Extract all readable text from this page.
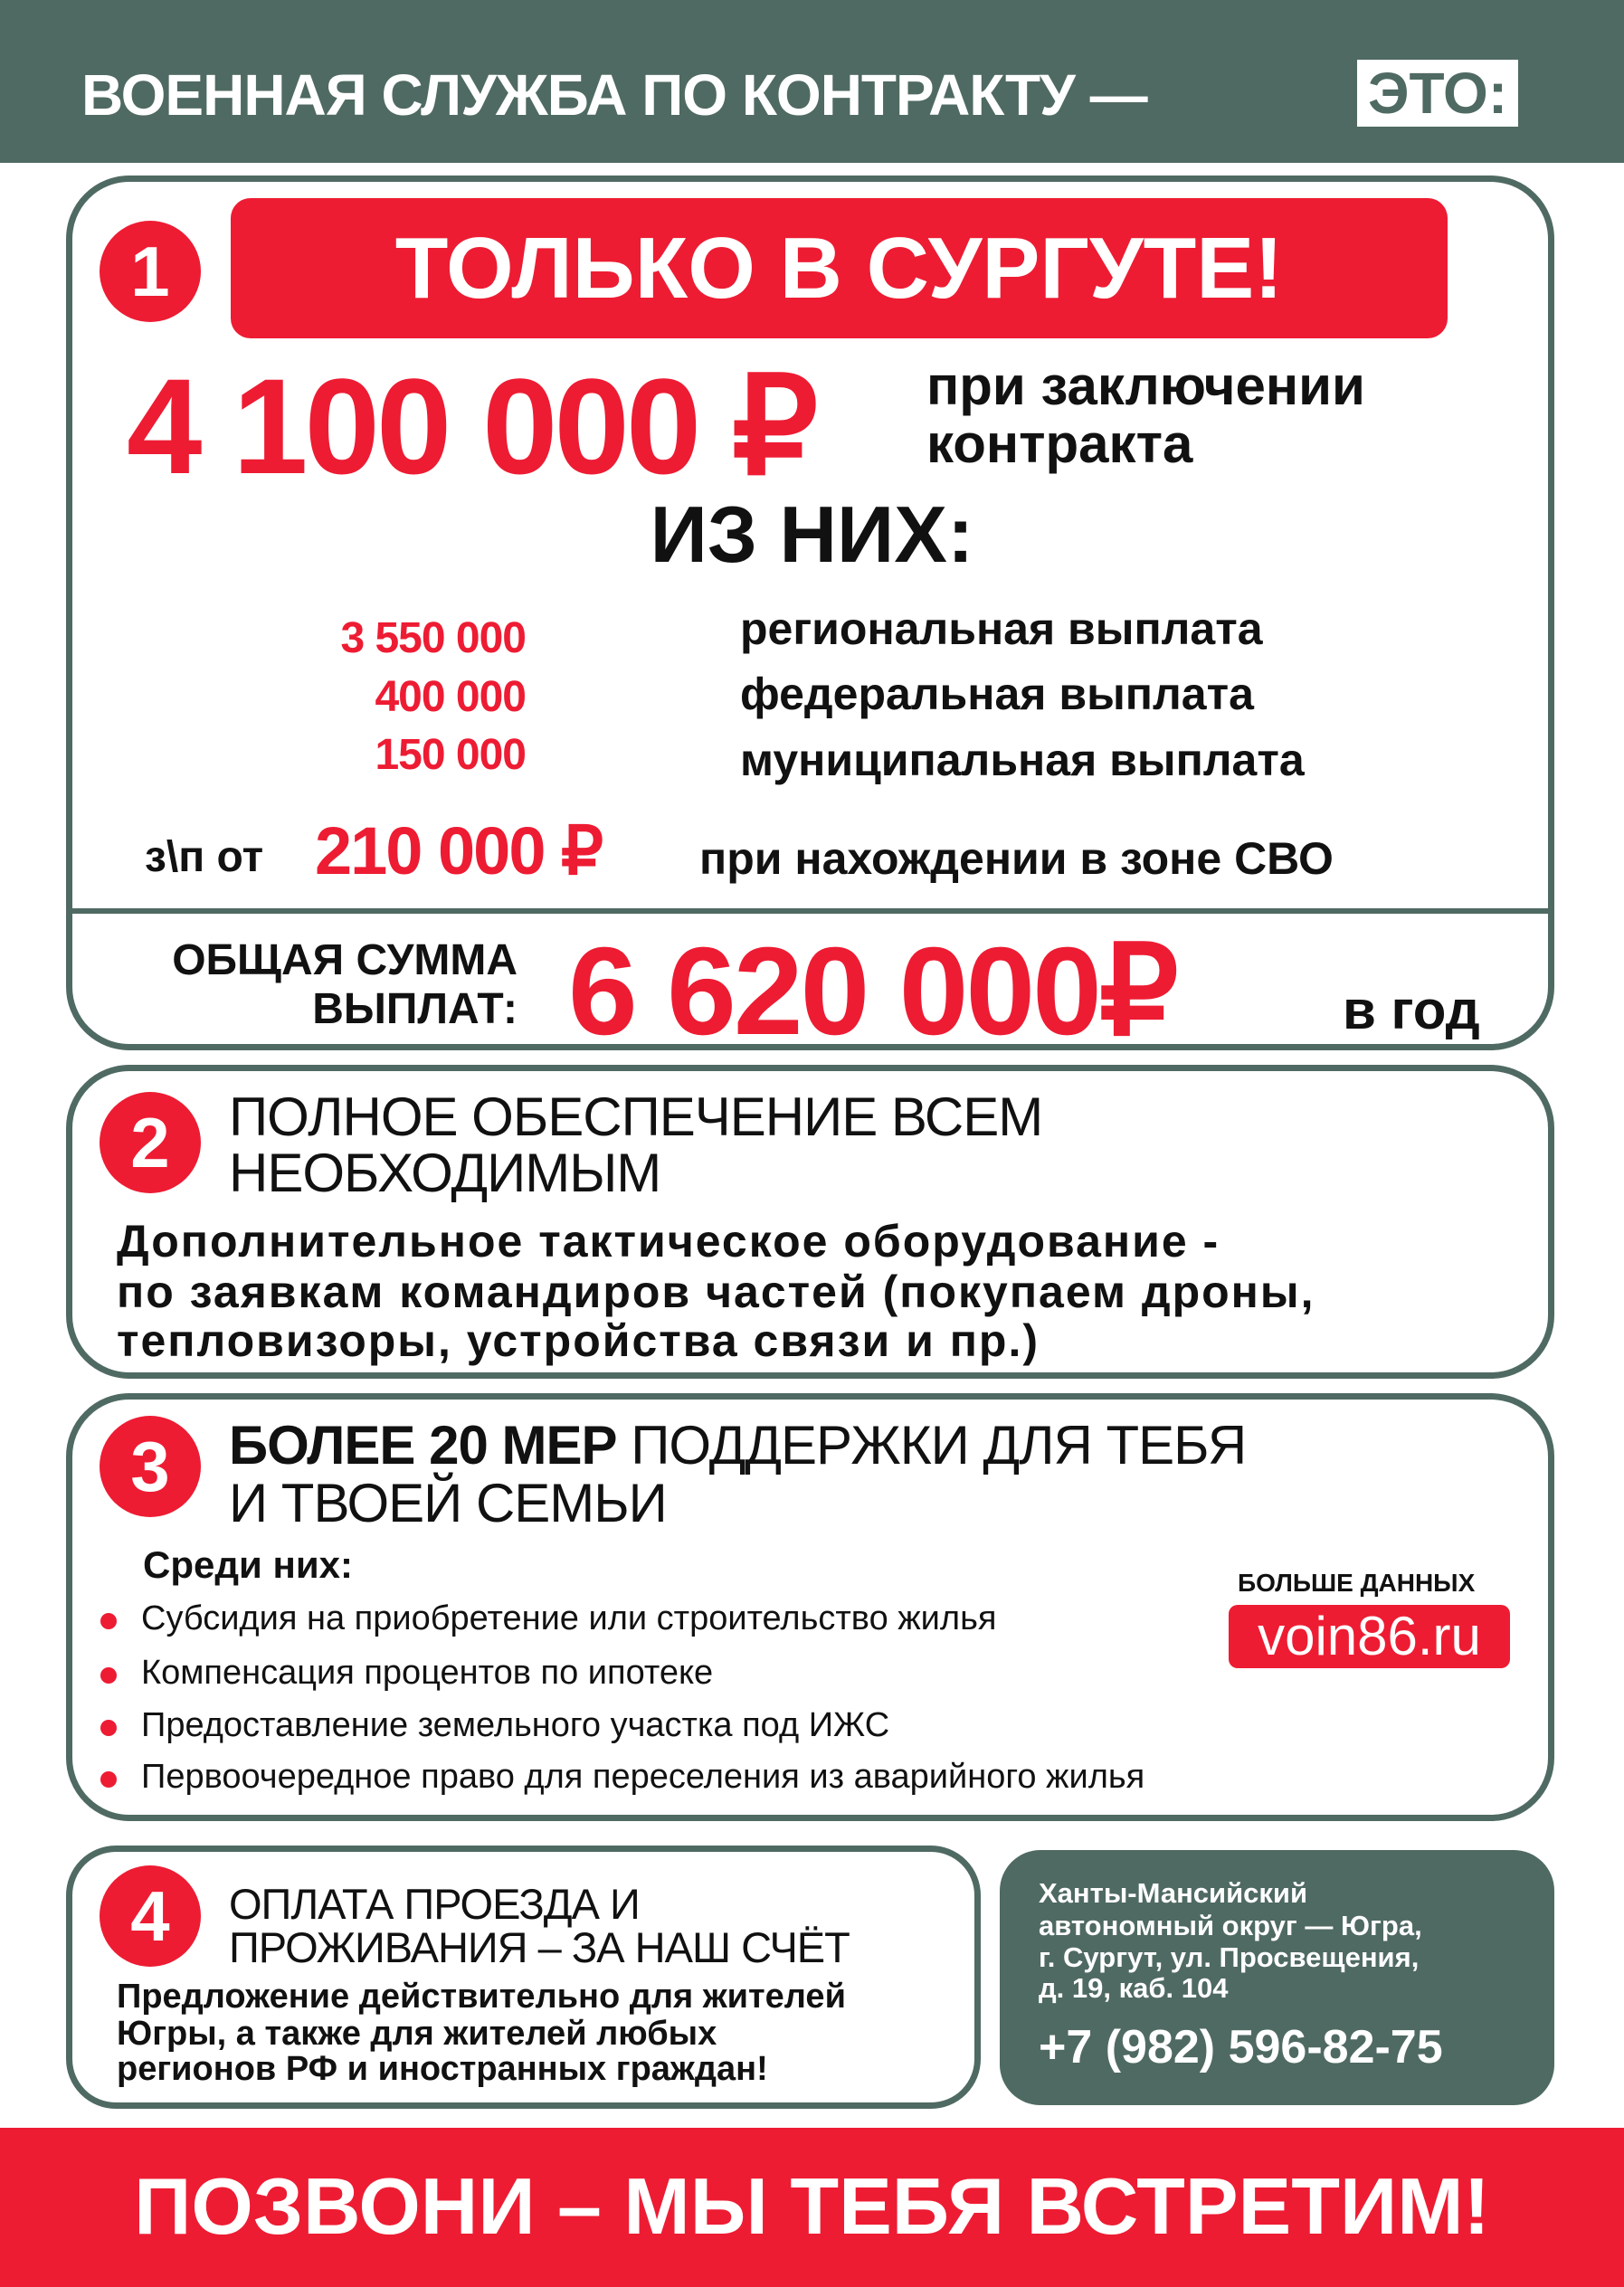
ВОЕННАЯ СЛУЖБА ПО КОНТРАКТУ —	ЭТО:
1	ТОЛЬКО В СУРГУТЕ!
4 100 000 ₽ при заключении
контракта
ИЗ НИХ:
3 550 000	региональная выплата
400 000	федеральная выплата
150 000	муниципальная выплата
з\п от 210 000 ₽ при нахождении в зоне СВО
ОБЩАЯ СУММА
ВЫПЛАТ: 6 620 000₽	в год
2	ПОЛНОЕ ОБЕСПЕЧЕНИЕ ВСЕМ
НЕОБХОДИМЫМ
Дополнительное тактическое оборудование -
по заявкам командиров частей (покупаем дроны,
тепловизоры, устройства связи и пр.)
3	БОЛЕЕ 20 МЕР ПОДДЕРЖКИ ДЛЯ ТЕБЯ
И ТВОЕЙ СЕМЬИ
Среди них:
Субсидия на приобретение или строительство жилья
Компенсация процентов по ипотеке
Предоставление земельного участка под ИЖС
Первоочередное право для переселения из аварийного жилья
БОЛЬШЕ ДАННЫХ
voin86.ru
4	ОПЛАТА ПРОЕЗДА И
ПРОЖИВАНИЯ – ЗА НАШ СЧЁТ
Предложение действительно для жителей
Югры, а также для жителей любых
регионов РФ и иностранных граждан!
Ханты-Мансийский
автономный округ — Югра,
г. Сургут, ул. Просвещения,
д. 19, каб. 104
+7 (982) 596-82-75
ПОЗВОНИ – МЫ ТЕБЯ ВСТРЕТИМ!
